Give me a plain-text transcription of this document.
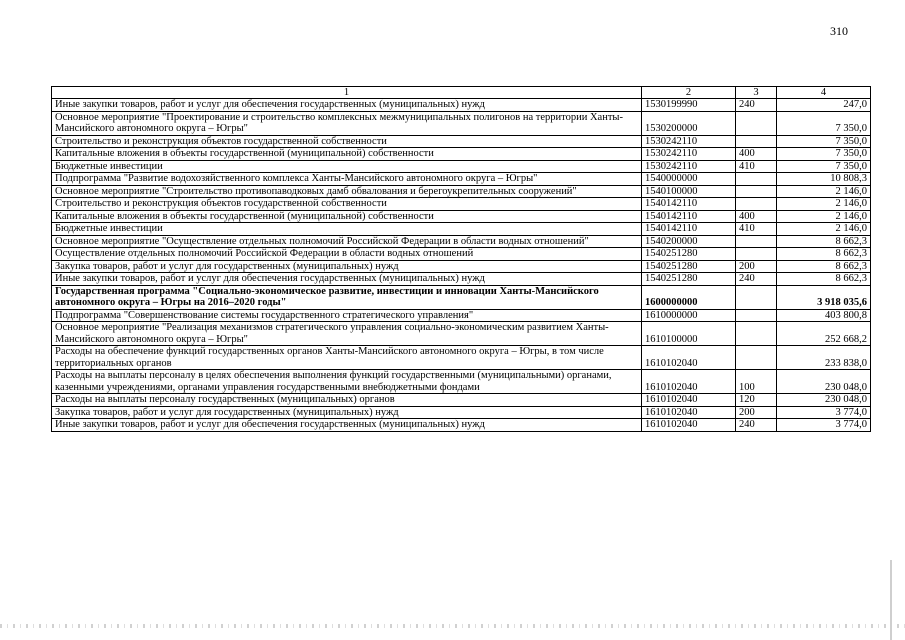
310
1	2	3	4
Иные закупки товаров, работ и услуг для обеспечения государственных (муниципальных) нужд	1530199990	240	247,0
Основное мероприятие "Проектирование и строительство комплексных межмуниципальных полигонов на территории Ханты-Мансийского автономного округа – Югры"	1530200000		7 350,0
Строительство и реконструкция объектов государственной собственности	1530242110		7 350,0
Капитальные вложения в объекты государственной (муниципальной) собственности	1530242110	400	7 350,0
Бюджетные инвестиции	1530242110	410	7 350,0
Подпрограмма "Развитие водохозяйственного комплекса Ханты-Мансийского автономного округа – Югры"	1540000000		10 808,3
Основное мероприятие "Строительство противопаводковых дамб обвалования и берегоукрепительных сооружений"	1540100000		2 146,0
Строительство и реконструкция объектов государственной собственности	1540142110		2 146,0
Капитальные вложения в объекты государственной (муниципальной) собственности	1540142110	400	2 146,0
Бюджетные инвестиции	1540142110	410	2 146,0
Основное мероприятие "Осуществление отдельных полномочий Российской Федерации в области водных отношений"	1540200000		8 662,3
Осуществление отдельных полномочий Российской Федерации в области водных отношений	1540251280		8 662,3
Закупка товаров, работ и услуг для государственных (муниципальных) нужд	1540251280	200	8 662,3
Иные закупки товаров, работ и услуг для обеспечения государственных (муниципальных) нужд	1540251280	240	8 662,3
Государственная программа "Социально-экономическое развитие, инвестиции и инновации Ханты-Мансийского автономного округа – Югры на 2016–2020 годы"	1600000000		3 918 035,6
Подпрограмма "Совершенствование системы государственного стратегического управления"	1610000000		403 800,8
Основное мероприятие "Реализация механизмов стратегического управления социально-экономическим развитием Ханты-Мансийского автономного округа – Югры"	1610100000		252 668,2
Расходы на обеспечение функций государственных органов Ханты-Мансийского автономного округа – Югры, в том числе территориальных органов	1610102040		233 838,0
Расходы на выплаты персоналу в целях обеспечения выполнения функций государственными (муниципальными) органами, казенными учреждениями, органами управления государственными внебюджетными фондами	1610102040	100	230 048,0
Расходы на выплаты персоналу государственных (муниципальных) органов	1610102040	120	230 048,0
Закупка товаров, работ и услуг для государственных (муниципальных) нужд	1610102040	200	3 774,0
Иные закупки товаров, работ и услуг для обеспечения государственных (муниципальных) нужд	1610102040	240	3 774,0
